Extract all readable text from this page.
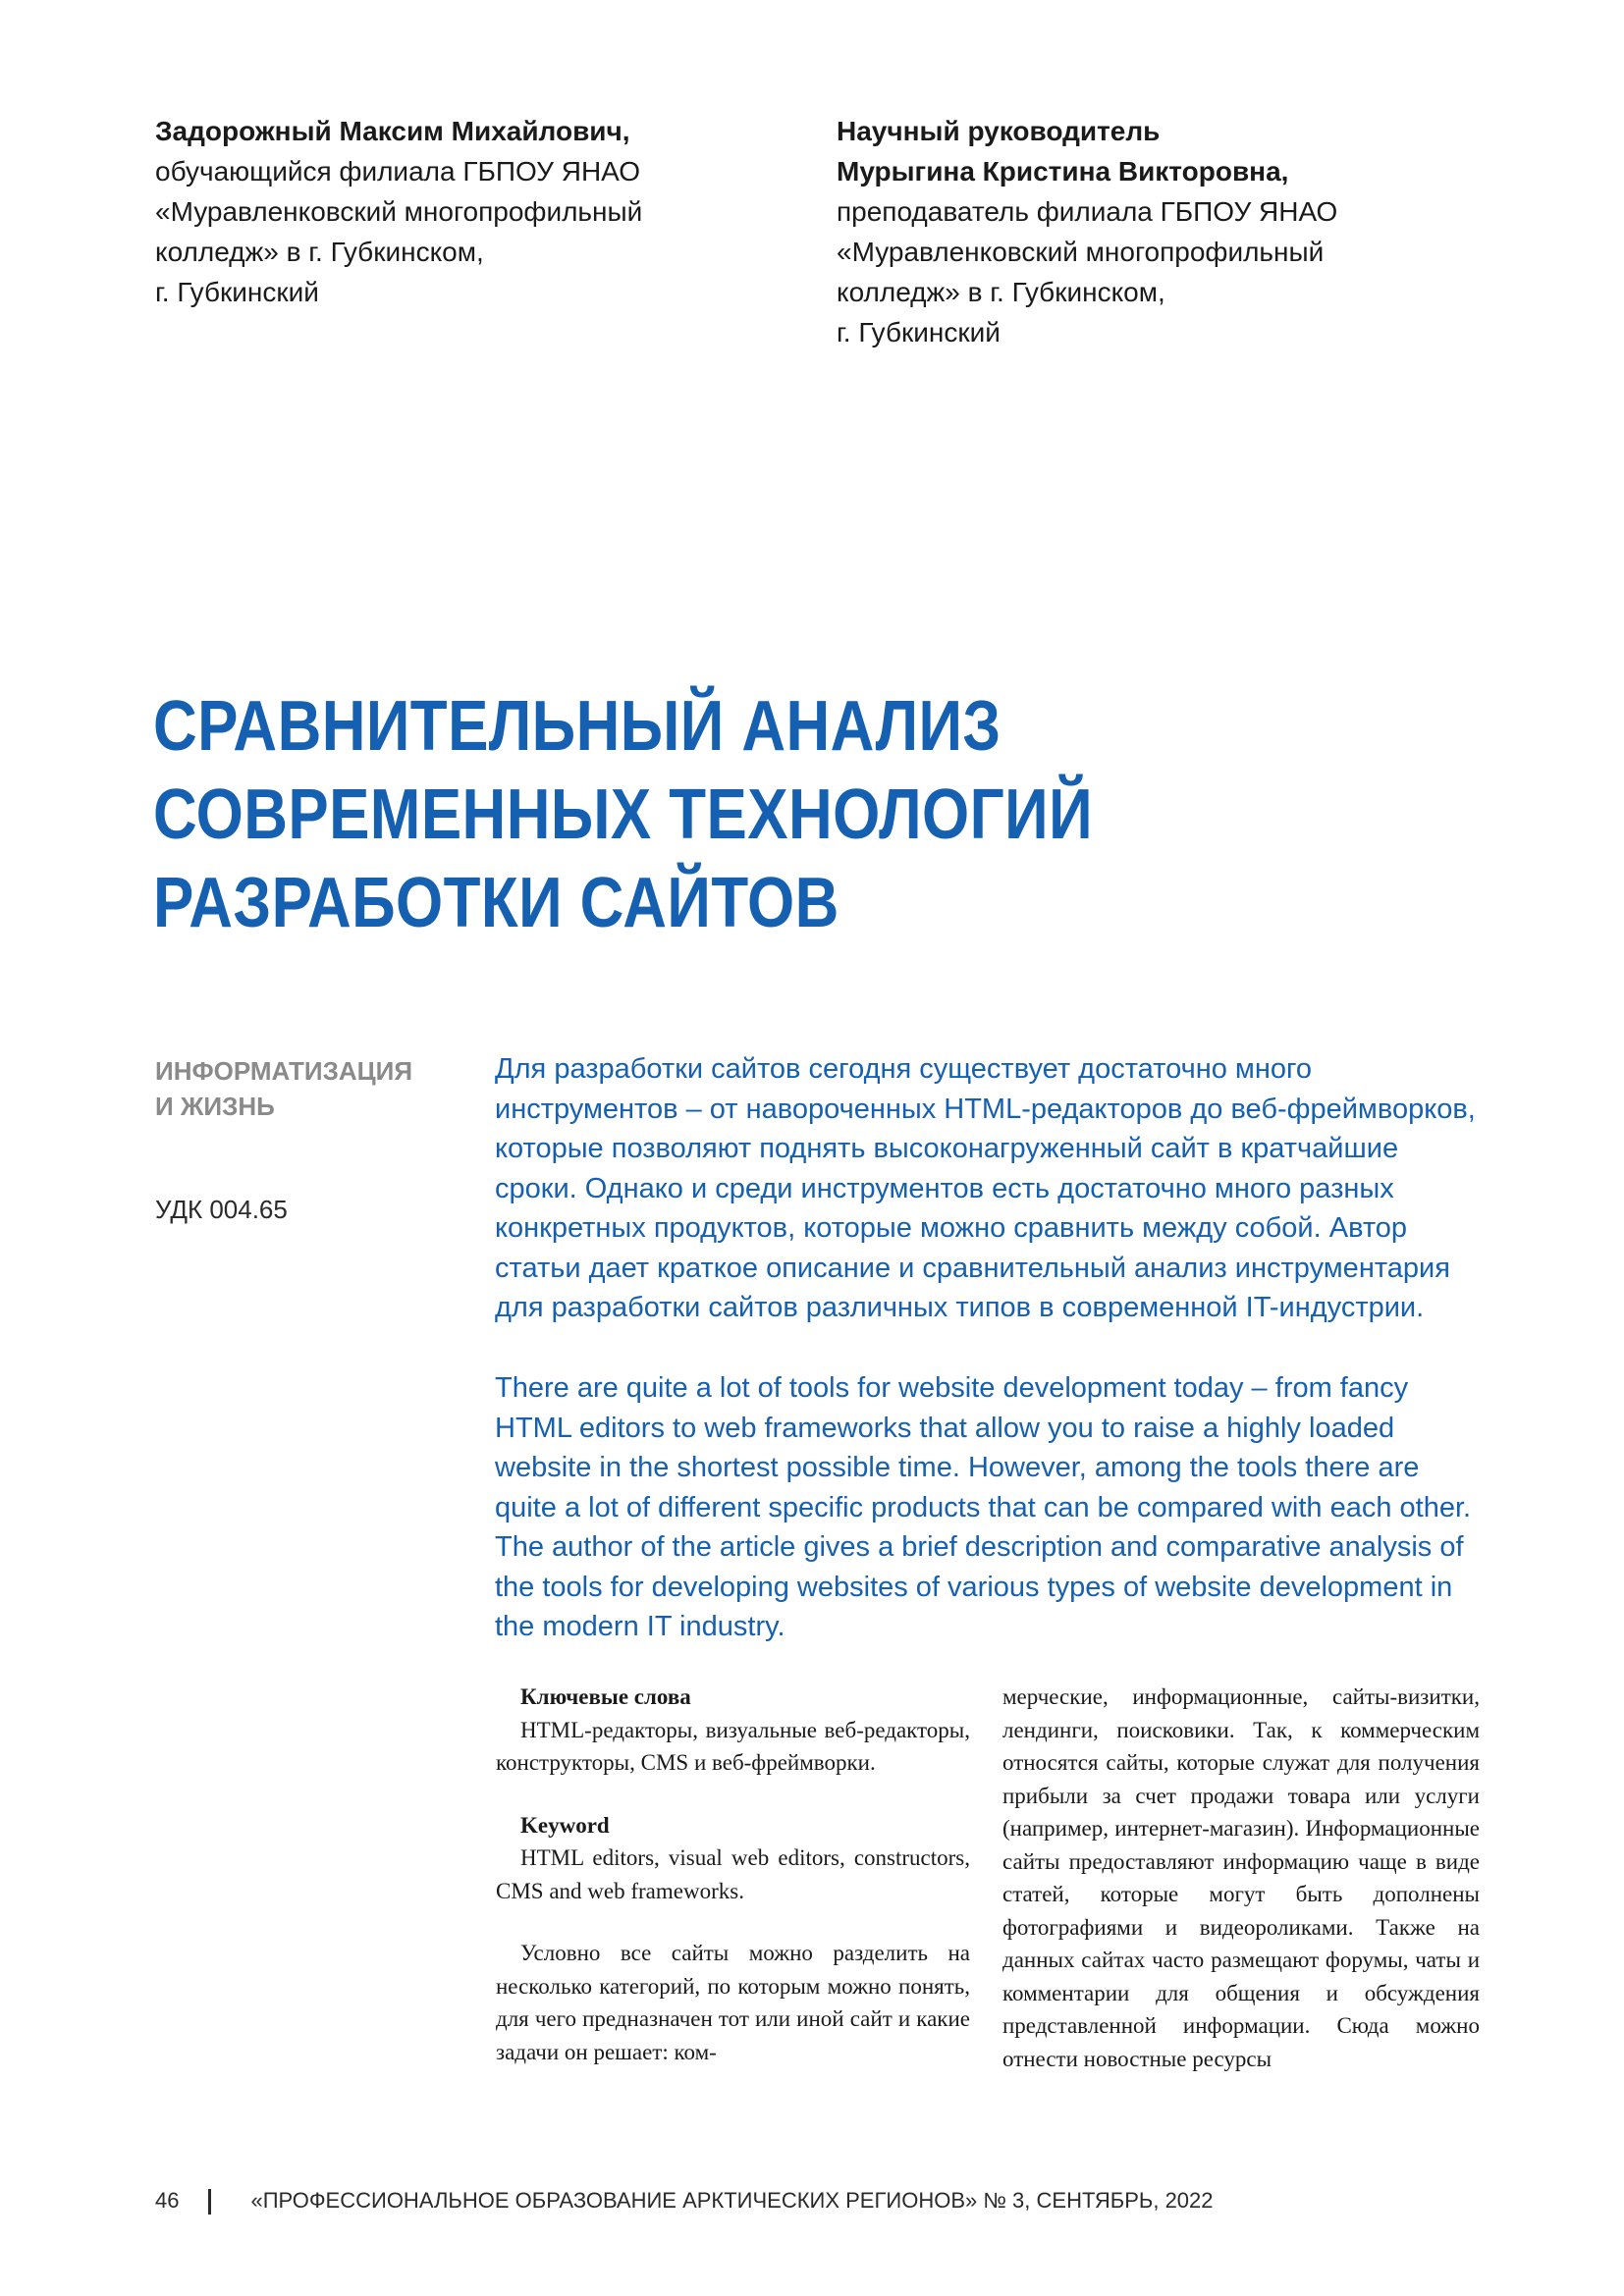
Задорожный Максим Михайлович,
обучающийся филиала ГБПОУ ЯНАО
«Муравленковский многопрофильный
колледж» в г. Губкинском,
г. Губкинский
Научный руководитель
Мурыгина Кристина Викторовна,
преподаватель филиала ГБПОУ ЯНАО
«Муравленковский многопрофильный
колледж» в г. Губкинском,
г. Губкинский
СРАВНИТЕЛЬНЫЙ АНАЛИЗ
СОВРЕМЕННЫХ ТЕХНОЛОГИЙ
РАЗРАБОТКИ САЙТОВ
ИНФОРМАТИЗАЦИЯ
И ЖИЗНЬ
УДК 004.65

Для разработки сайтов сегодня существует достаточно много инструментов – от навороченных HTML-редакторов до веб-фреймворков, которые позволяют поднять высоконагруженный сайт в кратчайшие сроки. Однако и среди инструментов есть достаточно много разных конкретных продуктов, которые можно сравнить между собой. Автор статьи дает краткое описание и сравнительный анализ инструментария для разработки сайтов различных типов в современной IT-индустрии.

There are quite a lot of tools for website development today – from fancy HTML editors to web frameworks that allow you to raise a highly loaded website in the shortest possible time. However, among the tools there are quite a lot of different specific products that can be compared with each other. The author of the article gives a brief description and comparative analysis of the tools for developing websites of various types of website development in the modern IT industry.

Ключевые слова
HTML-редакторы, визуальные веб-редакторы, конструкторы, CMS и веб-фреймворки.
Keyword
HTML editors, visual web editors, constructors, CMS and web frameworks.
Условно все сайты можно разделить на несколько категорий, по которым можно понять, для чего предназначен тот или иной сайт и какие задачи он решает: ком-
мерческие, информационные, сайты-визитки, лендинги, поисковики. Так, к коммерческим относятся сайты, которые служат для получения прибыли за счет продажи товара или услуги (например, интернет-магазин). Информационные сайты предоставляют информацию чаще в виде статей, которые могут быть дополнены фотографиями и видеороликами. Также на данных сайтах часто размещают форумы, чаты и комментарии для общения и обсуждения представленной информации. Сюда можно отнести новостные ресурсы
46	«ПРОФЕССИОНАЛЬНОЕ ОБРАЗОВАНИЕ АРКТИЧЕСКИХ РЕГИОНОВ» № 3, СЕНТЯБРЬ, 2022
